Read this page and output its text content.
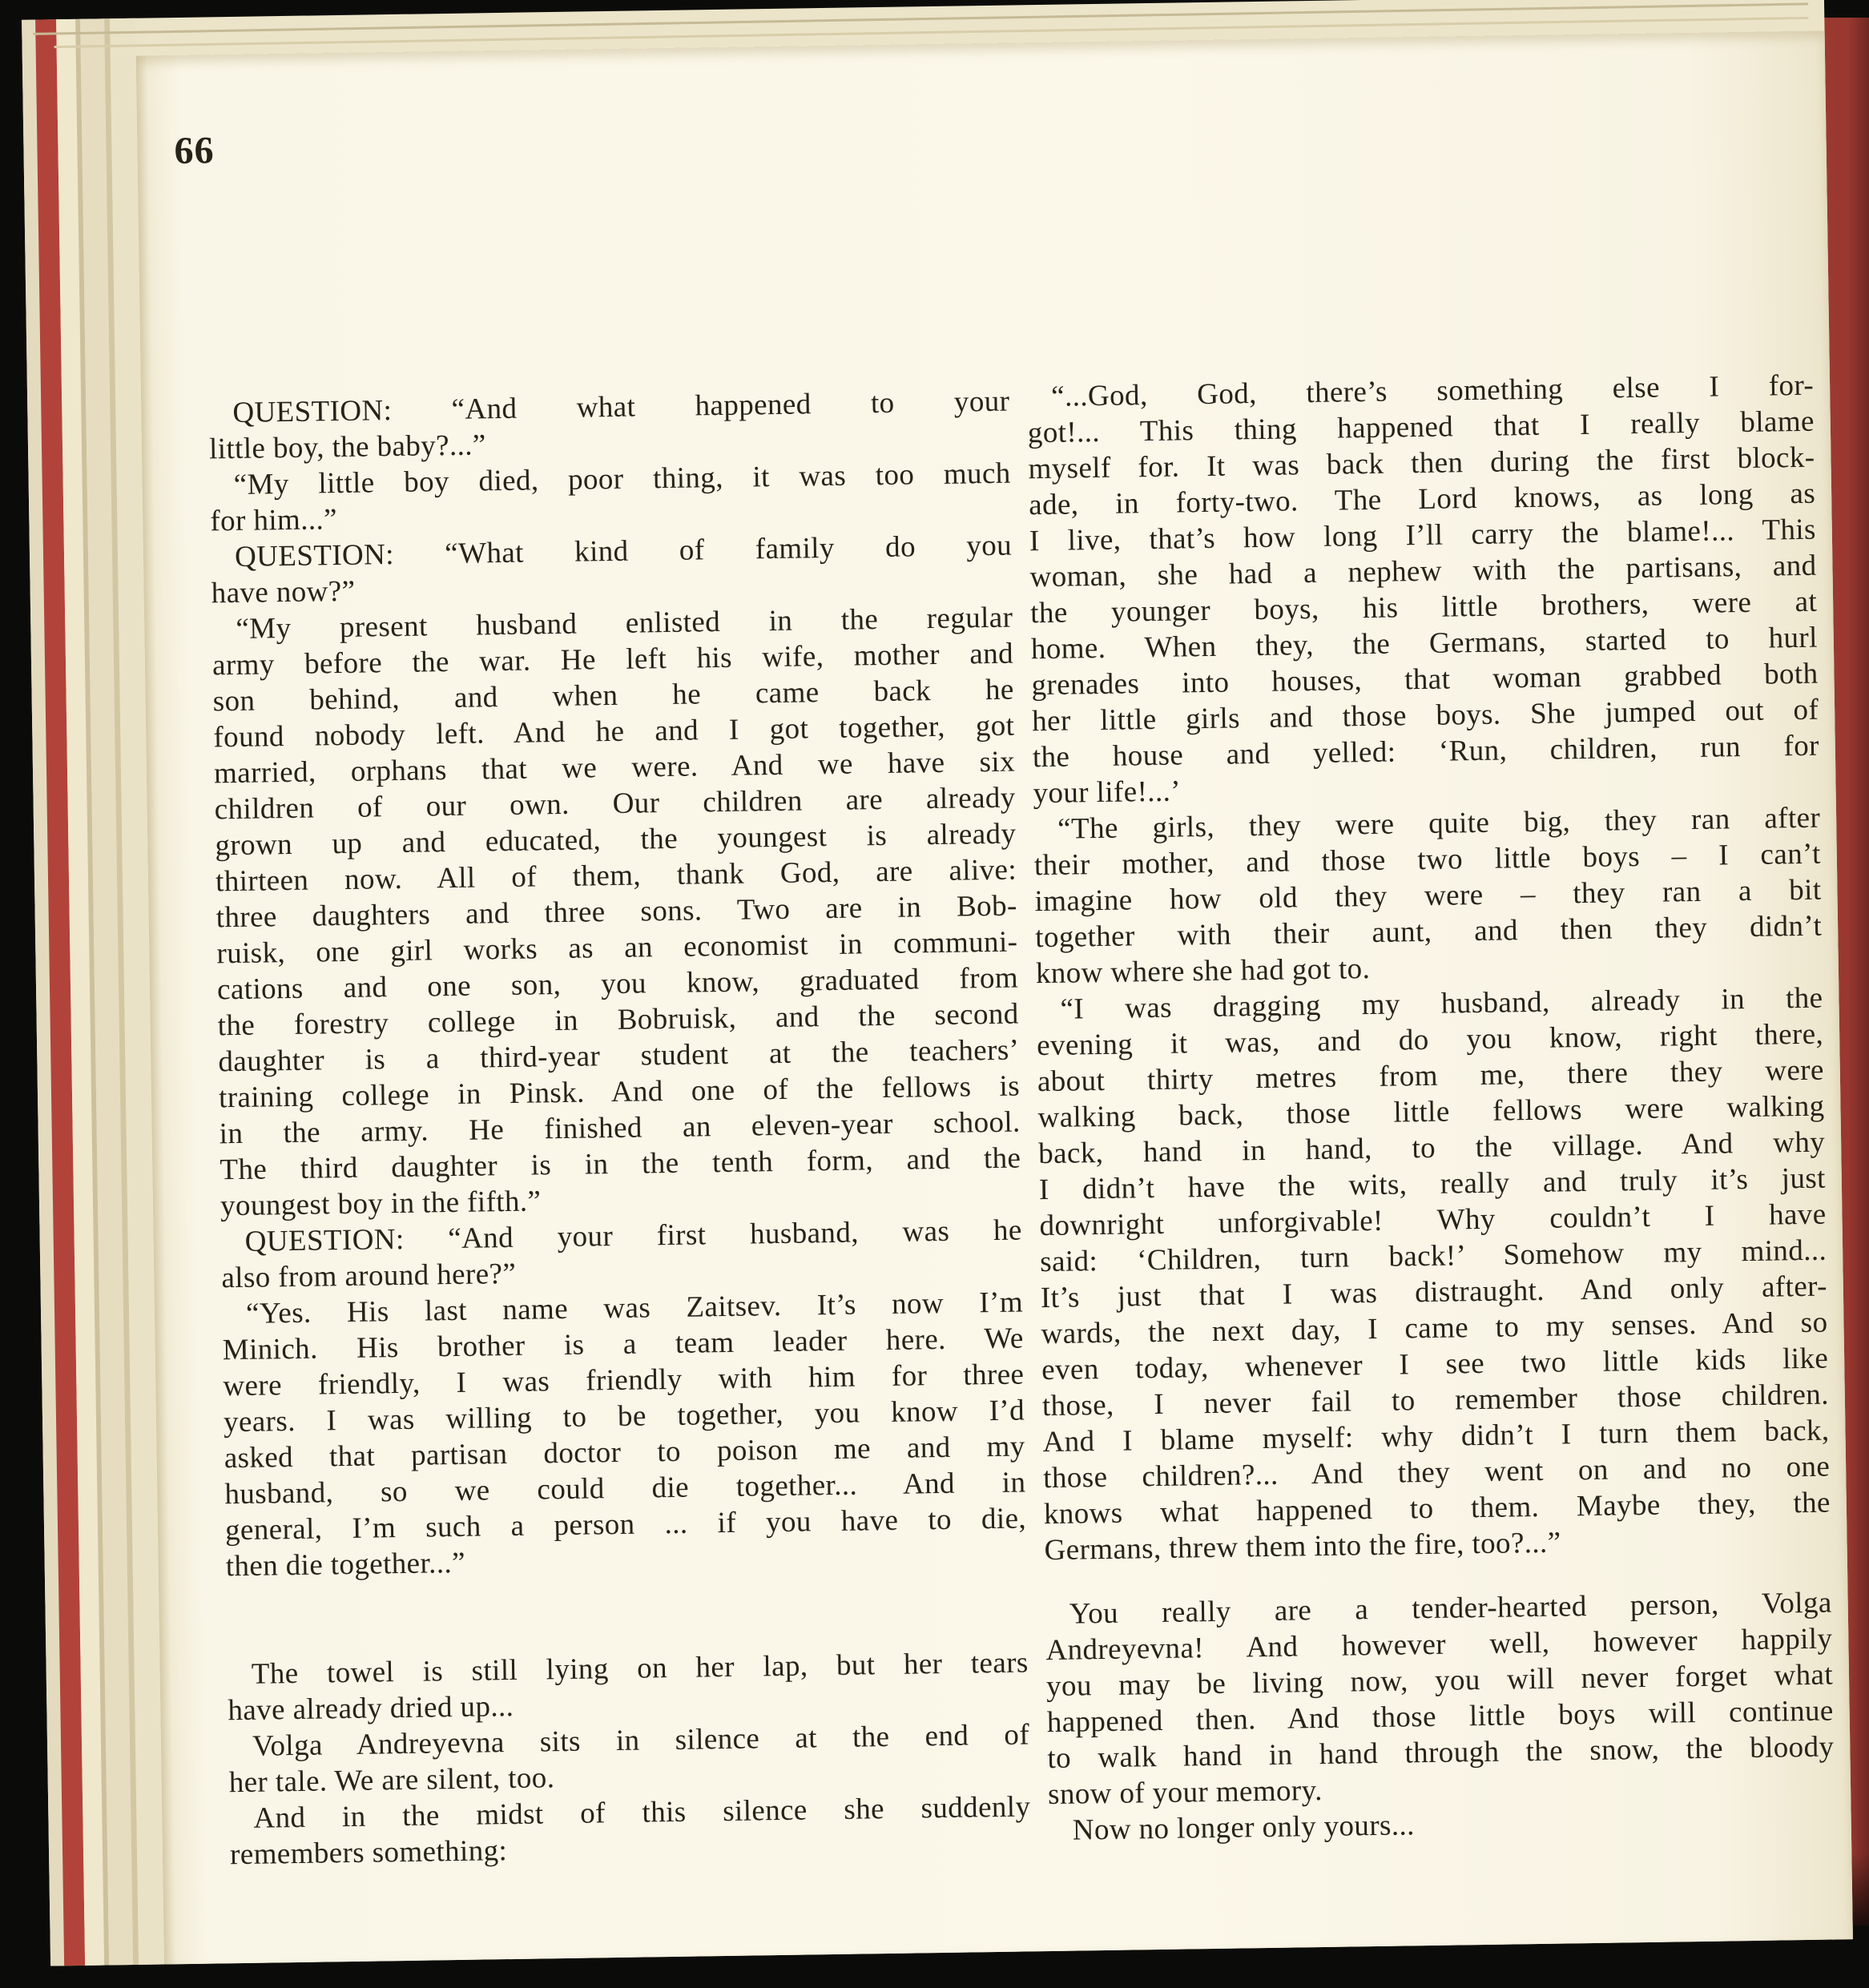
66
QUESTION: “And what happened to your
little boy, the baby?...”
“My little boy died, poor thing, it was too much
for him...”
QUESTION: “What kind of family do you
have now?”
“My present husband enlisted in the regular
army before the war. He left his wife, mother and
son behind, and when he came back he
found nobody left. And he and I got together, got
married, orphans that we were. And we have six
children of our own. Our children are already
grown up and educated, the youngest is already
thirteen now. All of them, thank God, are alive:
three daughters and three sons. Two are in Bob-
ruisk, one girl works as an economist in communi-
cations and one son, you know, graduated from
the forestry college in Bobruisk, and the second
daughter is a third-year student at the teachers’
training college in Pinsk. And one of the fellows is
in the army. He finished an eleven-year school.
The third daughter is in the tenth form, and the
youngest boy in the fifth.”
QUESTION: “And your first husband, was he
also from around here?”
“Yes. His last name was Zaitsev. It’s now I’m
Minich. His brother is a team leader here. We
were friendly, I was friendly with him for three
years. I was willing to be together, you know I’d
asked that partisan doctor to poison me and my
husband, so we could die together... And in
general, I’m such a person ... if you have to die,
then die together...”
The towel is still lying on her lap, but her tears
have already dried up...
Volga Andreyevna sits in silence at the end of
her tale. We are silent, too.
And in the midst of this silence she suddenly
remembers something:
“...God, God, there’s something else I for-
got!... This thing happened that I really blame
myself for. It was back then during the first block-
ade, in forty-two. The Lord knows, as long as
I live, that’s how long I’ll carry the blame!... This
woman, she had a nephew with the partisans, and
the younger boys, his little brothers, were at
home. When they, the Germans, started to hurl
grenades into houses, that woman grabbed both
her little girls and those boys. She jumped out of
the house and yelled: ‘Run, children, run for
your life!...’
“The girls, they were quite big, they ran after
their mother, and those two little boys – I can’t
imagine how old they were – they ran a bit
together with their aunt, and then they didn’t
know where she had got to.
“I was dragging my husband, already in the
evening it was, and do you know, right there,
about thirty metres from me, there they were
walking back, those little fellows were walking
back, hand in hand, to the village. And why
I didn’t have the wits, really and truly it’s just
downright unforgivable! Why couldn’t I have
said: ‘Children, turn back!’ Somehow my mind...
It’s just that I was distraught. And only after-
wards, the next day, I came to my senses. And so
even today, whenever I see two little kids like
those, I never fail to remember those children.
And I blame myself: why didn’t I turn them back,
those children?... And they went on and no one
knows what happened to them. Maybe they, the
Germans, threw them into the fire, too?...”
You really are a tender-hearted person, Volga
Andreyevna! And however well, however happily
you may be living now, you will never forget what
happened then. And those little boys will continue
to walk hand in hand through the snow, the bloody
snow of your memory.
Now no longer only yours...
